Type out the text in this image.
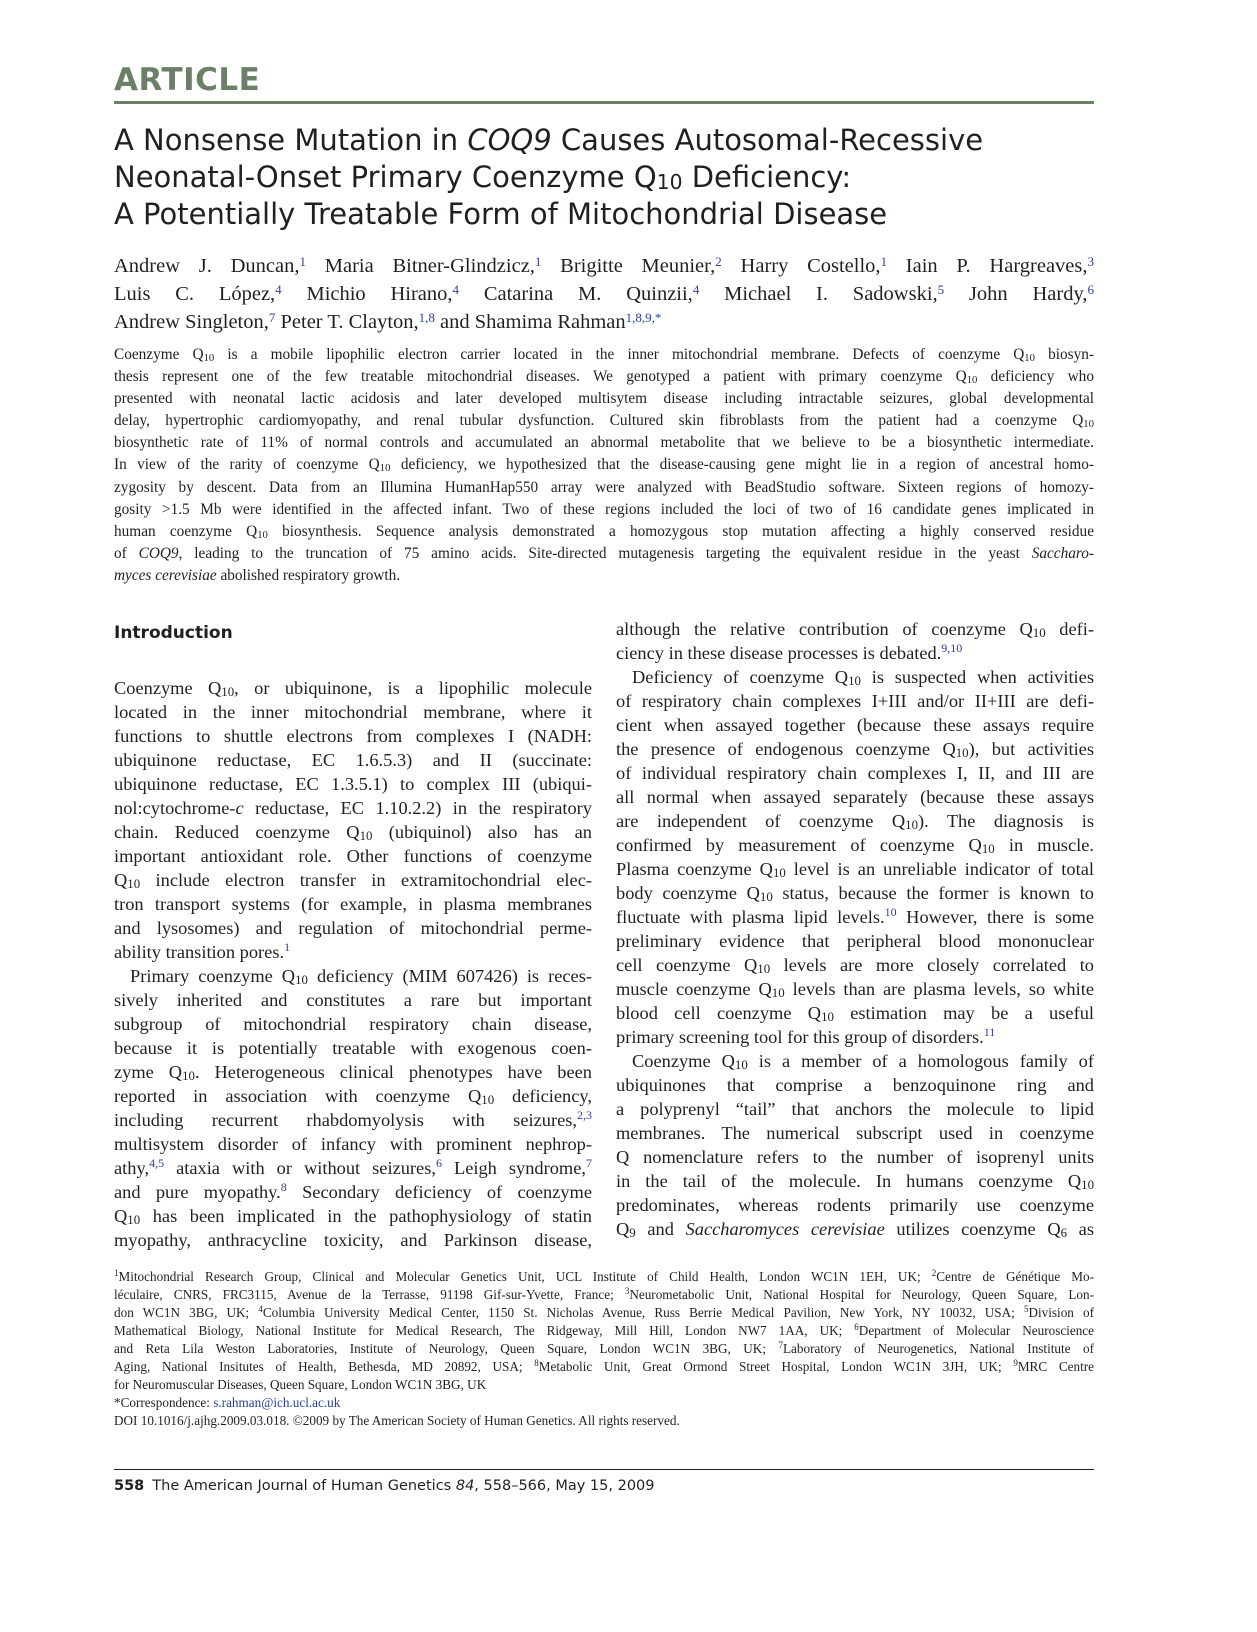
ARTICLE
A Nonsense Mutation in COQ9 Causes Autosomal-Recessive
Neonatal-Onset Primary Coenzyme $Q_{10}$ Deficiency:
A Potentially Treatable Form of Mitochondrial Disease
Andrew J. Duncan,$^1$ Maria Bitner-Glindzicz,$^1$ Brigitte Meunier,$^2$ Harry Costello,$^1$ Iain P. Hargreaves,$^3$
Luis C. López,$^4$ Michio Hirano,$^4$ Catarina M. Quinzii,$^4$ Michael I. Sadowski,$^5$ John Hardy,$^6$
Andrew Singleton,$^7$ Peter T. Clayton,$^{1,8}$ and Shamima Rahman$^{1,8,9,*}$
Coenzyme $Q_{10}$ is a mobile lipophilic electron carrier located in the inner mitochondrial membrane. Defects of coenzyme $Q_{10}$ biosyn-
thesis represent one of the few treatable mitochondrial diseases. We genotyped a patient with primary coenzyme $Q_{10}$ deficiency who
presented with neonatal lactic acidosis and later developed multisytem disease including intractable seizures, global developmental
delay, hypertrophic cardiomyopathy, and renal tubular dysfunction. Cultured skin fibroblasts from the patient had a coenzyme $Q_{10}$
biosynthetic rate of 11% of normal controls and accumulated an abnormal metabolite that we believe to be a biosynthetic intermediate.
In view of the rarity of coenzyme $Q_{10}$ deficiency, we hypothesized that the disease-causing gene might lie in a region of ancestral homo-
zygosity by descent. Data from an Illumina HumanHap550 array were analyzed with BeadStudio software. Sixteen regions of homozy-
gosity >1.5 Mb were identified in the affected infant. Two of these regions included the loci of two of 16 candidate genes implicated in
human coenzyme $Q_{10}$ biosynthesis. Sequence analysis demonstrated a homozygous stop mutation affecting a highly conserved residue
of COQ9, leading to the truncation of 75 amino acids. Site-directed mutagenesis targeting the equivalent residue in the yeast Saccharo-
myces cerevisiae abolished respiratory growth.
Introduction
Coenzyme $Q_{10}$, or ubiquinone, is a lipophilic molecule
located in the inner mitochondrial membrane, where it
functions to shuttle electrons from complexes I (NADH:
ubiquinone reductase, EC 1.6.5.3) and II (succinate:
ubiquinone reductase, EC 1.3.5.1) to complex III (ubiqui-
nol:cytochrome-c reductase, EC 1.10.2.2) in the respiratory
chain. Reduced coenzyme $Q_{10}$ (ubiquinol) also has an
important antioxidant role. Other functions of coenzyme
$Q_{10}$ include electron transfer in extramitochondrial elec-
tron transport systems (for example, in plasma membranes
and lysosomes) and regulation of mitochondrial perme-
ability transition pores.$^1$
Primary coenzyme $Q_{10}$ deficiency (MIM 607426) is reces-
sively inherited and constitutes a rare but important
subgroup of mitochondrial respiratory chain disease,
because it is potentially treatable with exogenous coen-
zyme $Q_{10}$. Heterogeneous clinical phenotypes have been
reported in association with coenzyme $Q_{10}$ deficiency,
including recurrent rhabdomyolysis with seizures,$^{2,3}$
multisystem disorder of infancy with prominent nephrop-
athy,$^{4,5}$ ataxia with or without seizures,$^6$ Leigh syndrome,$^7$
and pure myopathy.$^8$ Secondary deficiency of coenzyme
$Q_{10}$ has been implicated in the pathophysiology of statin
myopathy, anthracycline toxicity, and Parkinson disease,
although the relative contribution of coenzyme $Q_{10}$ defi-
ciency in these disease processes is debated.$^{9,10}$
Deficiency of coenzyme $Q_{10}$ is suspected when activities
of respiratory chain complexes I+III and/or II+III are defi-
cient when assayed together (because these assays require
the presence of endogenous coenzyme $Q_{10}$), but activities
of individual respiratory chain complexes I, II, and III are
all normal when assayed separately (because these assays
are independent of coenzyme $Q_{10}$). The diagnosis is
confirmed by measurement of coenzyme $Q_{10}$ in muscle.
Plasma coenzyme $Q_{10}$ level is an unreliable indicator of total
body coenzyme $Q_{10}$ status, because the former is known to
fluctuate with plasma lipid levels.$^{10}$ However, there is some
preliminary evidence that peripheral blood mononuclear
cell coenzyme $Q_{10}$ levels are more closely correlated to
muscle coenzyme $Q_{10}$ levels than are plasma levels, so white
blood cell coenzyme $Q_{10}$ estimation may be a useful
primary screening tool for this group of disorders.$^{11}$
Coenzyme $Q_{10}$ is a member of a homologous family of
ubiquinones that comprise a benzoquinone ring and
a polyprenyl “tail” that anchors the molecule to lipid
membranes. The numerical subscript used in coenzyme
Q nomenclature refers to the number of isoprenyl units
in the tail of the molecule. In humans coenzyme $Q_{10}$
predominates, whereas rodents primarily use coenzyme
$Q_9$ and Saccharomyces cerevisiae utilizes coenzyme $Q_6$ as
$^1$Mitochondrial Research Group, Clinical and Molecular Genetics Unit, UCL Institute of Child Health, London WC1N 1EH, UK; $^2$Centre de Génétique Mo-
léculaire, CNRS, FRC3115, Avenue de la Terrasse, 91198 Gif-sur-Yvette, France; $^3$Neurometabolic Unit, National Hospital for Neurology, Queen Square, Lon-
don WC1N 3BG, UK; $^4$Columbia University Medical Center, 1150 St. Nicholas Avenue, Russ Berrie Medical Pavilion, New York, NY 10032, USA; $^5$Division of
Mathematical Biology, National Institute for Medical Research, The Ridgeway, Mill Hill, London NW7 1AA, UK; $^6$Department of Molecular Neuroscience
and Reta Lila Weston Laboratories, Institute of Neurology, Queen Square, London WC1N 3BG, UK; $^7$Laboratory of Neurogenetics, National Institute of
Aging, National Insitutes of Health, Bethesda, MD 20892, USA; $^8$Metabolic Unit, Great Ormond Street Hospital, London WC1N 3JH, UK; $^9$MRC Centre
for Neuromuscular Diseases, Queen Square, London WC1N 3BG, UK
*Correspondence: s.rahman@ich.ucl.ac.uk
DOI 10.1016/j.ajhg.2009.03.018. ©2009 by The American Society of Human Genetics. All rights reserved.
558 The American Journal of Human Genetics 84, 558–566, May 15, 2009
